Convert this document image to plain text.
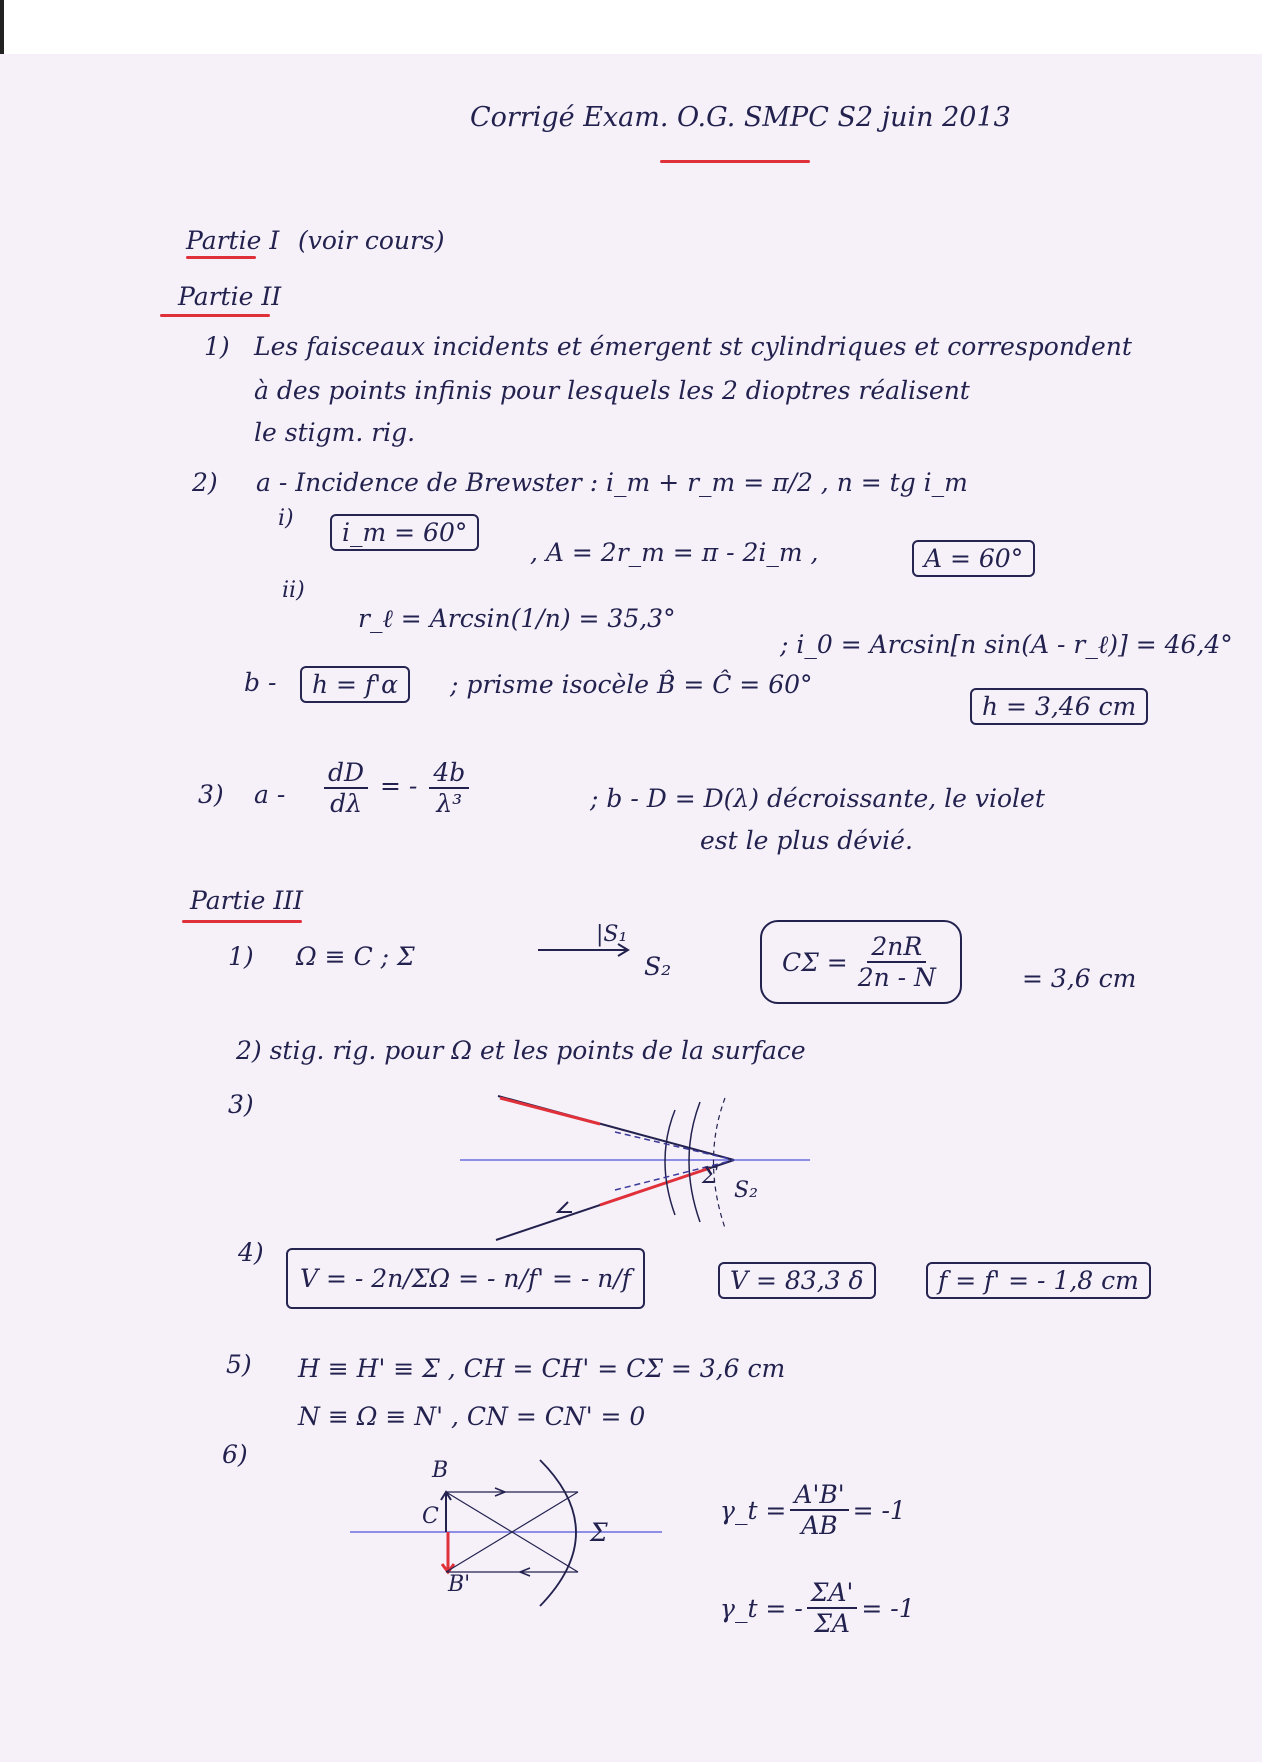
Corrigé Exam. O.G. SMPC S2 juin 2013
Partie I (voir cours)
Partie II
1) Les faisceaux incidents et émergent st cylindriques et correspondent
à des points infinis pour lesquels les 2 dioptres réalisent
le stigm. rig.
2) a - Incidence de Brewster : i_m + r_m = π/2 , n = tg i_m
i)	i_m = 60°
, A = 2r_m = π - 2i_m ,	A = 60°
ii)
r_ℓ = Arcsin(1/n) = 35,3°
; i_0 = Arcsin[n sin(A - r_ℓ)] = 46,4°
b -	h = f'α	; prisme isocèle B̂ = Ĉ = 60°
h = 3,46 cm
3) a - $\frac{dD}{d\lambda}$ = - $\frac{4b}{\text{λ³}}$	; b - D = D(λ) décroissante, le violet
est le plus dévié.
Partie III
1) Ω ≡ C ; Σ
|S₁
S₂	$C\Sigma = \frac{2nR}{2n - N}$	= 3,6 cm
2) stig. rig. pour Ω et les points de la surface
3)
Σ
S₂
4)
V = - 2n/ΣΩ = - n/f' = - n/f	V = 83,3 δ	f = f' = - 1,8 cm
5) H ≡ H' ≡ Σ , CH = CH' = CΣ = 3,6 cm
N ≡ Ω ≡ N' , CN = CN' = 0
6)
B
C
B'
Σ
γ_t = $\frac{A'B'}{AB} = -1$
γ_t = - $\frac{\Sigma A'}{\Sigma A} = -1$
